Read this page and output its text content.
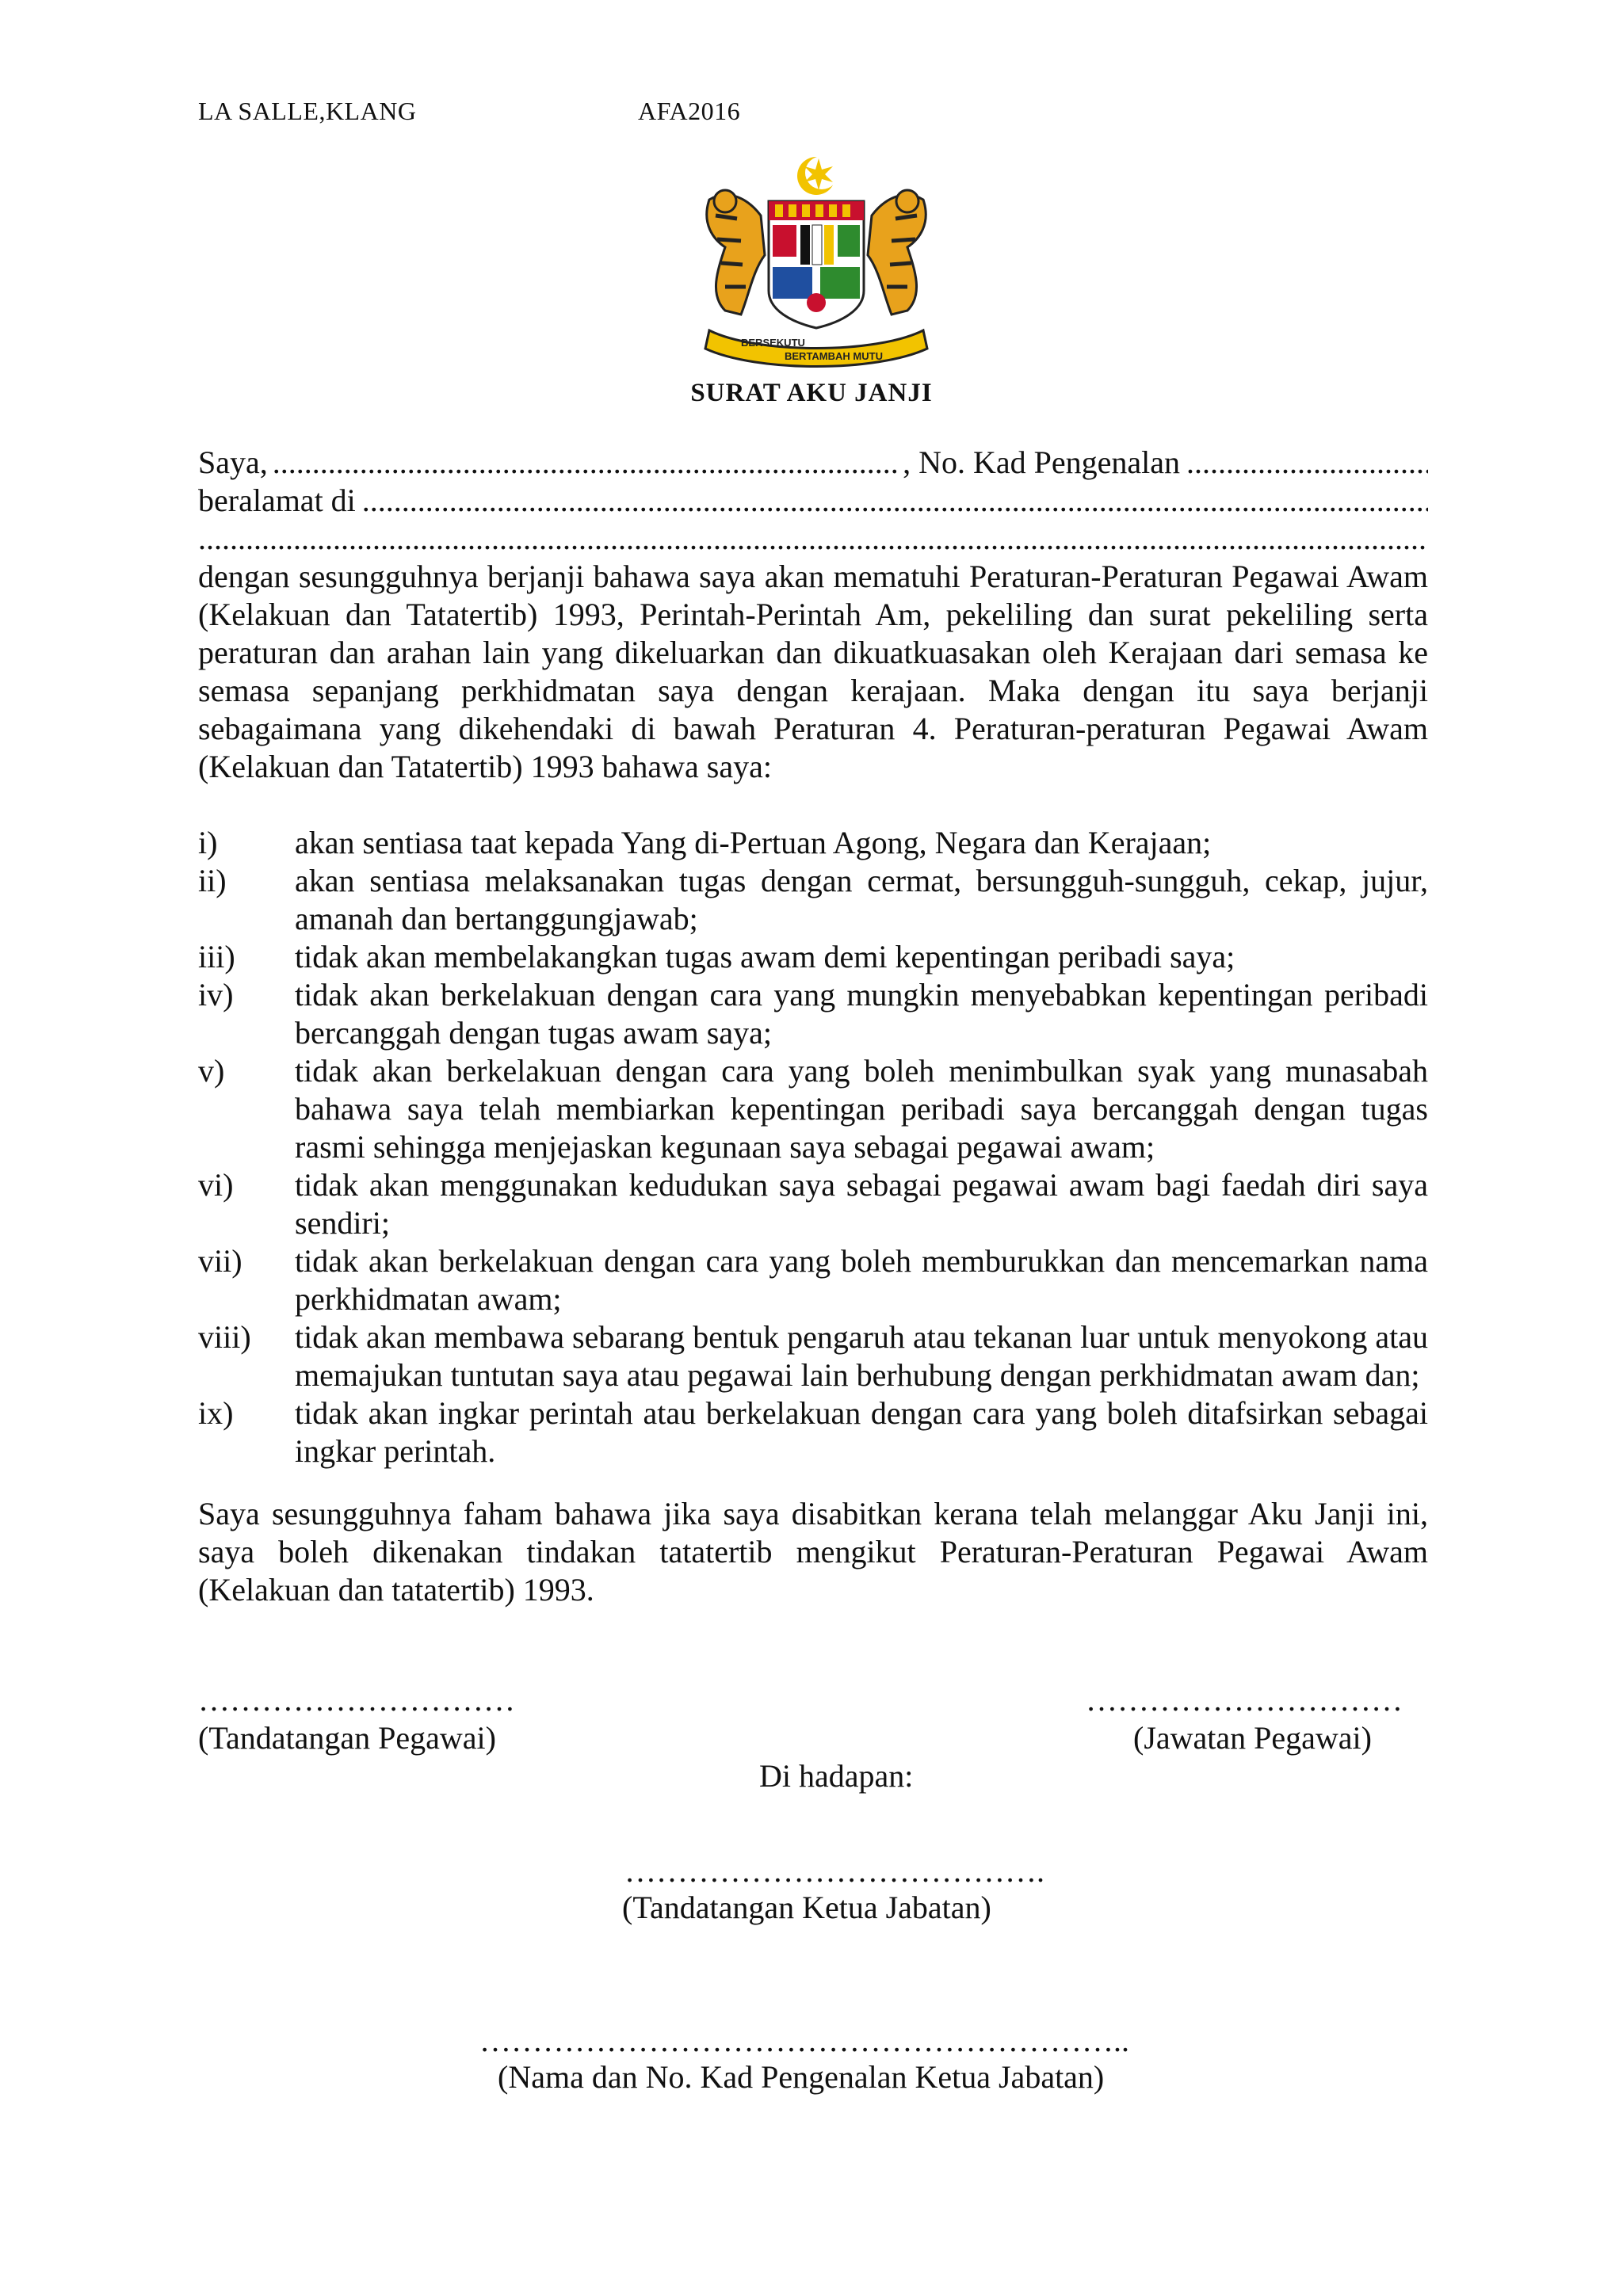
LA SALLE,KLANG	AFA2016
BERSEKUTU
BERTAMBAH MUTU
SURAT AKU JANJI
Saya,
.....	, No. Kad Pengenalan
.....
beralamat di
.....
.....
dengan sesungguhnya berjanji bahawa saya akan mematuhi Peraturan-Peraturan Pegawai Awam (Kelakuan dan Tatatertib) 1993, Perintah-Perintah Am, pekeliling dan surat pekeliling serta peraturan dan arahan lain yang dikeluarkan dan dikuatkuasakan oleh Kerajaan dari semasa ke semasa sepanjang perkhidmatan saya dengan kerajaan. Maka dengan itu saya berjanji sebagaimana yang dikehendaki di bawah Peraturan 4. Peraturan-peraturan Pegawai Awam (Kelakuan dan Tatatertib) 1993 bahawa saya:
i)	akan sentiasa taat kepada Yang di-Pertuan Agong, Negara dan Kerajaan;
ii)	akan sentiasa melaksanakan tugas dengan cermat, bersungguh-sungguh, cekap, jujur, amanah dan bertanggungjawab;
iii)	tidak akan membelakangkan tugas awam demi kepentingan peribadi saya;
iv)	tidak akan berkelakuan dengan cara yang mungkin menyebabkan kepentingan peribadi bercanggah dengan tugas awam saya;
v)	tidak akan berkelakuan dengan cara yang boleh menimbulkan syak yang munasabah bahawa saya telah membiarkan kepentingan peribadi saya bercanggah dengan tugas rasmi sehingga menjejaskan kegunaan saya sebagai pegawai awam;
vi)	tidak akan menggunakan kedudukan saya sebagai pegawai awam bagi faedah diri saya sendiri;
vii)	tidak akan berkelakuan dengan cara yang boleh memburukkan dan mencemarkan nama perkhidmatan awam;
viii)	tidak akan membawa sebarang bentuk pengaruh atau tekanan luar untuk menyokong atau memajukan tuntutan saya atau pegawai lain berhubung dengan perkhidmatan awam dan;
ix)	tidak akan ingkar perintah atau berkelakuan dengan cara yang boleh ditafsirkan sebagai ingkar perintah.
Saya sesungguhnya faham bahawa jika saya disabitkan kerana telah melanggar Aku Janji ini, saya boleh dikenakan tindakan tatatertib mengikut Peraturan-Peraturan Pegawai Awam (Kelakuan dan tatatertib) 1993.
…………………………
(Tandatangan Pegawai)
…………………………
(Jawatan Pegawai)
Di hadapan:
………………………………….
(Tandatangan Ketua Jabatan)
……………………………………………………..
(Nama dan No. Kad Pengenalan Ketua Jabatan)
